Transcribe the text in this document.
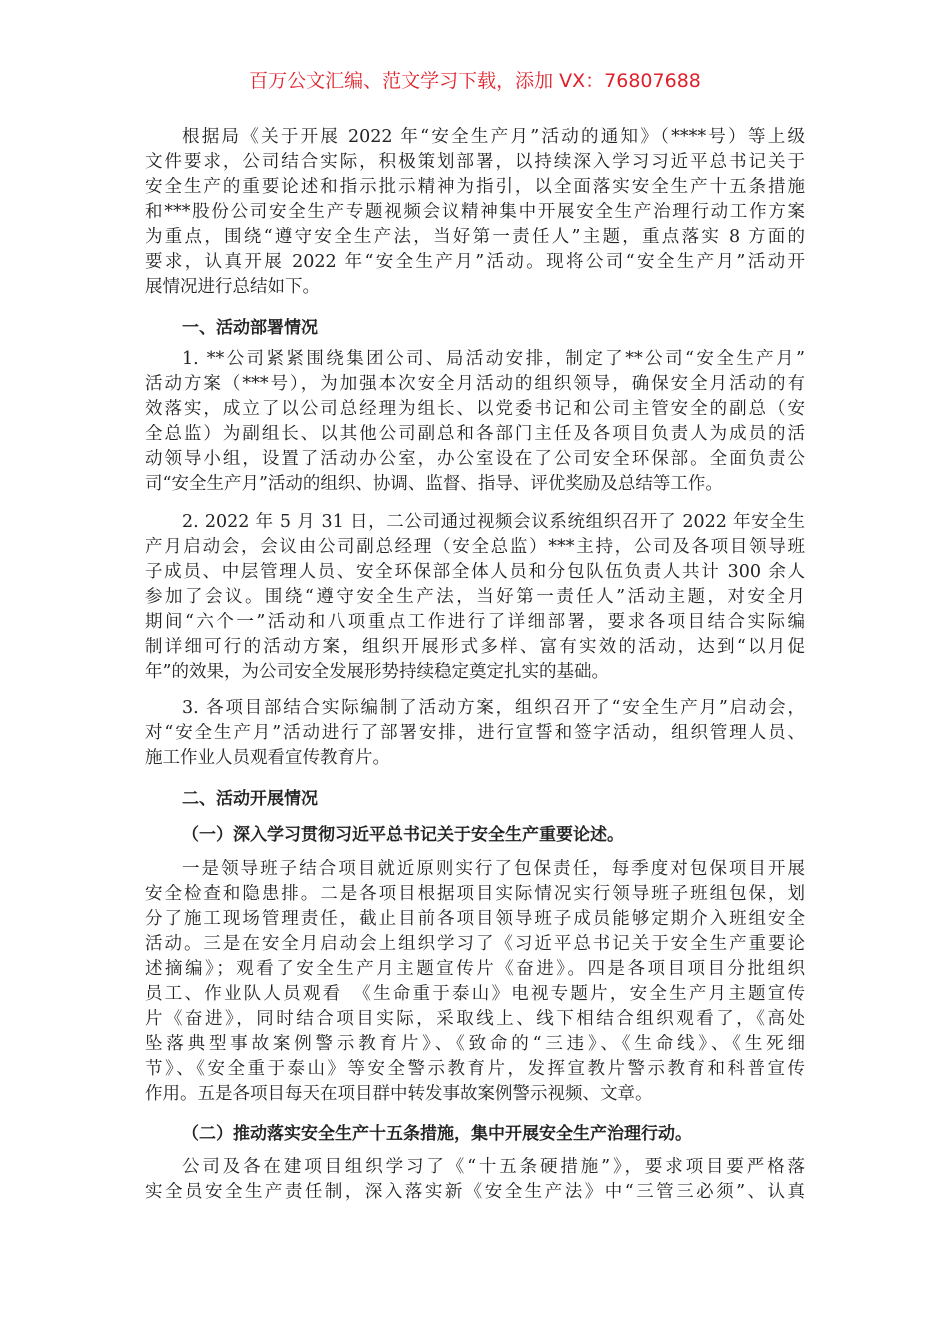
百万公文汇编、范文学习下载，添加 VX：76807688
根据局《关于开展 2022 年“安全生产月”活动的通知》（****号）等上级
文件要求，公司结合实际，积极策划部署，以持续深入学习习近平总书记关于
安全生产的重要论述和指示批示精神为指引，以全面落实安全生产十五条措施
和***股份公司安全生产专题视频会议精神集中开展安全生产治理行动工作方案
为重点，围绕“遵守安全生产法，当好第一责任人”主题，重点落实 8 方面的
要求，认真开展 2022 年“安全生产月”活动。现将公司“安全生产月”活动开
展情况进行总结如下。
一、活动部署情况
1. **公司紧紧围绕集团公司、局活动安排，制定了**公司“安全生产月”
活动方案（***号），为加强本次安全月活动的组织领导，确保安全月活动的有
效落实，成立了以公司总经理为组长、以党委书记和公司主管安全的副总（安
全总监）为副组长、以其他公司副总和各部门主任及各项目负责人为成员的活
动领导小组，设置了活动办公室，办公室设在了公司安全环保部。全面负责公
司“安全生产月”活动的组织、协调、监督、指导、评优奖励及总结等工作。
2. 2022 年 5 月 31 日，二公司通过视频会议系统组织召开了 2022 年安全生
产月启动会，会议由公司副总经理（安全总监）***主持，公司及各项目领导班
子成员、中层管理人员、安全环保部全体人员和分包队伍负责人共计 300 余人
参加了会议。围绕“遵守安全生产法，当好第一责任人”活动主题，对安全月
期间“六个一”活动和八项重点工作进行了详细部署，要求各项目结合实际编
制详细可行的活动方案，组织开展形式多样、富有实效的活动，达到“以月促
年”的效果，为公司安全发展形势持续稳定奠定扎实的基础。
3. 各项目部结合实际编制了活动方案，组织召开了“安全生产月”启动会，
对“安全生产月”活动进行了部署安排，进行宣誓和签字活动，组织管理人员、
施工作业人员观看宣传教育片。
二、活动开展情况
（一）深入学习贯彻习近平总书记关于安全生产重要论述。
一是领导班子结合项目就近原则实行了包保责任，每季度对包保项目开展
安全检查和隐患排。二是各项目根据项目实际情况实行领导班子班组包保，划
分了施工现场管理责任，截止目前各项目领导班子成员能够定期介入班组安全
活动。三是在安全月启动会上组织学习了《习近平总书记关于安全生产重要论
述摘编》；观看了安全生产月主题宣传片《奋进》。四是各项目项目分批组织
员工、作业队人员观看　《生命重于泰山》电视专题片，安全生产月主题宣传
片《奋进》，同时结合项目实际，采取线上、线下相结合组织观看了，《高处
坠落典型事故案例警示教育片》、《致命的“三违》、《生命线》、《生死细
节》、《安全重于泰山》等安全警示教育片，发挥宣教片警示教育和科普宣传
作用。五是各项目每天在项目群中转发事故案例警示视频、文章。
（二）推动落实安全生产十五条措施，集中开展安全生产治理行动。
公司及各在建项目组织学习了《“十五条硬措施”》，要求项目要严格落
实全员安全生产责任制，深入落实新《安全生产法》中“三管三必须”、认真
